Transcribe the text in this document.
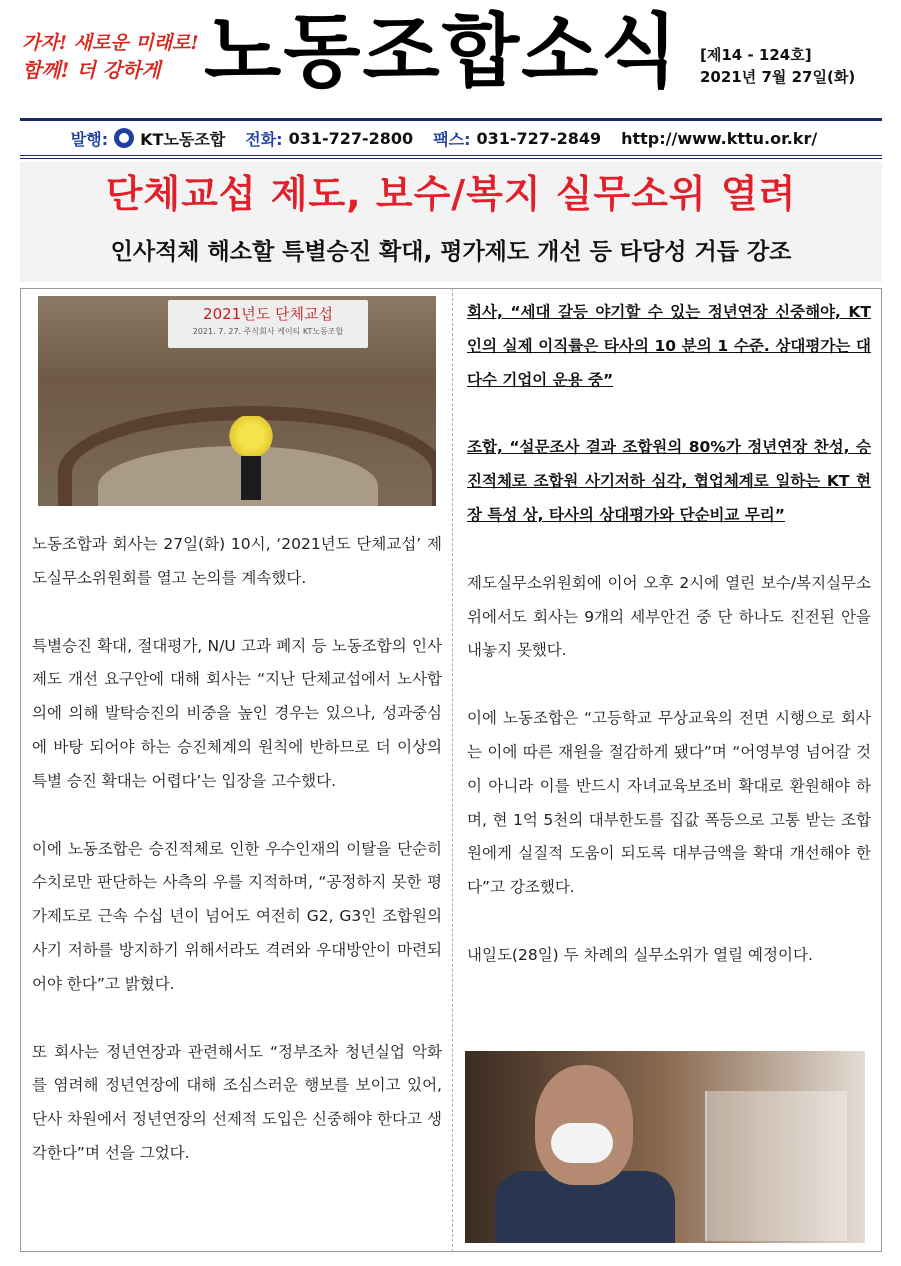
가자! 새로운 미래로!
함께! 더 강하게 노동조합소식 [제14 - 124호]
2021년 7월 27일(화)
발행: KT노동조합 전화: 031-727-2800 팩스: 031-727-2849 http://www.kttu.or.kr/
단체교섭 제도, 보수/복지 실무소위 열려
인사적체 해소할 특별승진 확대, 평가제도 개선 등 타당성 거듭 강조
2021년도 단체교섭
2021. 7. 27. 주식회사 케이티 KT노동조합

노동조합과 회사는 27일(화) 10시, ‘2021년도 단체교섭’ 제도실무소위원회를 열고 논의를 계속했다.

특별승진 확대, 절대평가, N/U 고과 폐지 등 노동조합의 인사제도 개선 요구안에 대해 회사는 “지난 단체교섭에서 노사합의에 의해 발탁승진의 비중을 높인 경우는 있으나, 성과중심에 바탕 되어야 하는 승진체계의 원칙에 반하므로 더 이상의 특별 승진 확대는 어렵다’는 입장을 고수했다.

이에 노동조합은 승진적체로 인한 우수인재의 이탈을 단순히 수치로만 판단하는 사측의 우를 지적하며, “공정하지 못한 평가제도로 근속 수십 년이 넘어도 여전히 G2, G3인 조합원의 사기 저하를 방지하기 위해서라도 격려와 우대방안이 마련되어야 한다”고 밝혔다.

또 회사는 정년연장과 관련해서도 “정부조차 청년실업 악화를 염려해 정년연장에 대해 조심스러운 행보를 보이고 있어, 단사 차원에서 정년연장의 선제적 도입은 신중해야 한다고 생각한다”며 선을 그었다.

회사, “세대 갈등 야기할 수 있는 정년연장 신중해야, KT 인의 실제 이직률은 타사의 10 분의 1 수준. 상대평가는 대다수 기업이 운용 중”

조합, “설문조사 결과 조합원의 80%가 정년연장 찬성, 승진적체로 조합원 사기저하 심각, 협업체계로 일하는 KT 현장 특성 상, 타사의 상대평가와 단순비교 무리”

제도실무소위원회에 이어 오후 2시에 열린 보수/복지실무소위에서도 회사는 9개의 세부안건 중 단 하나도 진전된 안을 내놓지 못했다.

이에 노동조합은 “고등학교 무상교육의 전면 시행으로 회사는 이에 따른 재원을 절감하게 됐다”며 “어영부영 넘어갈 것이 아니라 이를 반드시 자녀교육보조비 확대로 환원해야 하며, 현 1억 5천의 대부한도를 집값 폭등으로 고통 받는 조합원에게 실질적 도움이 되도록 대부금액을 확대 개선해야 한다”고 강조했다.

내일도(28일) 두 차례의 실무소위가 열릴 예정이다.
